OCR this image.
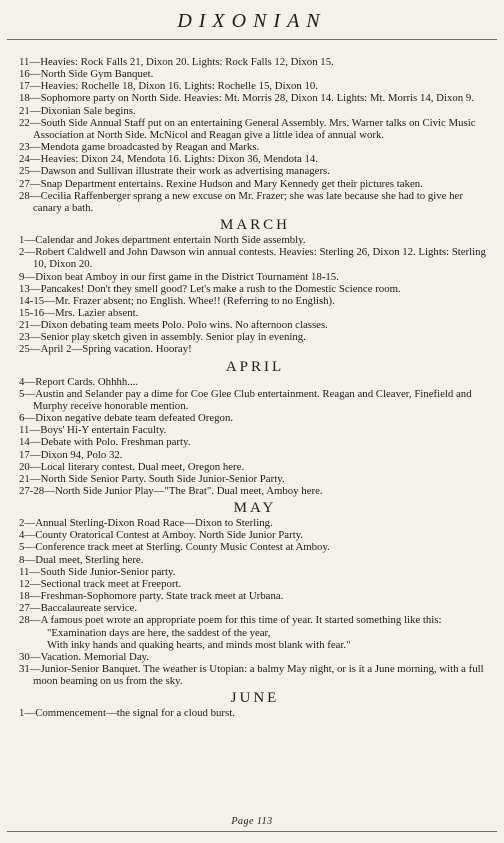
DIXONIAN

11—Heavies: Rock Falls 21, Dixon 20. Lights: Rock Falls 12, Dixon 15.

16—North Side Gym Banquet.

17—Heavies: Rochelle 18, Dixon 16. Lights: Rochelle 15, Dixon 10.

18—Sophomore party on North Side. Heavies: Mt. Morris 28, Dixon 14. Lights: Mt. Morris 14, Dixon 9.

21—Dixonian Sale begins.

22—South Side Annual Staff put on an entertaining General Assembly. Mrs. Warner talks on Civic Music Association at North Side. McNicol and Reagan give a little idea of annual work.

23—Mendota game broadcasted by Reagan and Marks.

24—Heavies: Dixon 24, Mendota 16. Lights: Dixon 36, Mendota 14.

25—Dawson and Sullivan illustrate their work as advertising managers.

27—Snap Department entertains. Rexine Hudson and Mary Kennedy get their pictures taken.

28—Cecilia Raffenberger sprang a new excuse on Mr. Frazer; she was late because she had to give her canary a bath.

MARCH

1—Calendar and Jokes department entertain North Side assembly.

2—Robert Caldwell and John Dawson win annual contests. Heavies: Sterling 26, Dixon 12. Lights: Sterling 10, Dixon 20.

9—Dixon beat Amboy in our first game in the District Tournament 18-15.

13—Pancakes! Don't they smell good? Let's make a rush to the Domestic Science room.

14-15—Mr. Frazer absent; no English. Whee!! (Referring to no English).

15-16—Mrs. Lazier absent.

21—Dixon debating team meets Polo. Polo wins. No afternoon classes.

23—Senior play sketch given in assembly. Senior play in evening.

25—April 2—Spring vacation. Hooray!

APRIL

4—Report Cards. Ohhhh....

5—Austin and Selander pay a dime for Coe Glee Club entertainment. Reagan and Cleaver, Finefield and Murphy receive honorable mention.

6—Dixon negative debate team defeated Oregon.

11—Boys' Hi-Y entertain Faculty.

14—Debate with Polo. Freshman party.

17—Dixon 94, Polo 32.

20—Local literary contest. Dual meet, Oregon here.

21—North Side Senior Party. South Side Junior-Senior Party.

27-28—North Side Junior Play—"The Brat". Dual meet, Amboy here.

MAY

2—Annual Sterling-Dixon Road Race—Dixon to Sterling.

4—County Oratorical Contest at Amboy. North Side Junior Party.

5—Conference track meet at Sterling. County Music Contest at Amboy.

8—Dual meet, Sterling here.

11—South Side Junior-Senior party.

12—Sectional track meet at Freeport.

18—Freshman-Sophomore party. State track meet at Urbana.

27—Baccalaureate service.

28—A famous poet wrote an appropriate poem for this time of year. It started something like this:

"Examination days are here, the saddest of the year,

With inky hands and quaking hearts, and minds most blank with fear."

30—Vacation. Memorial Day.

31—Junior-Senior Banquet. The weather is Utopian: a balmy May night, or is it a June morning, with a full moon beaming on us from the sky.

JUNE

1—Commencement—the signal for a cloud burst.

Page 113
